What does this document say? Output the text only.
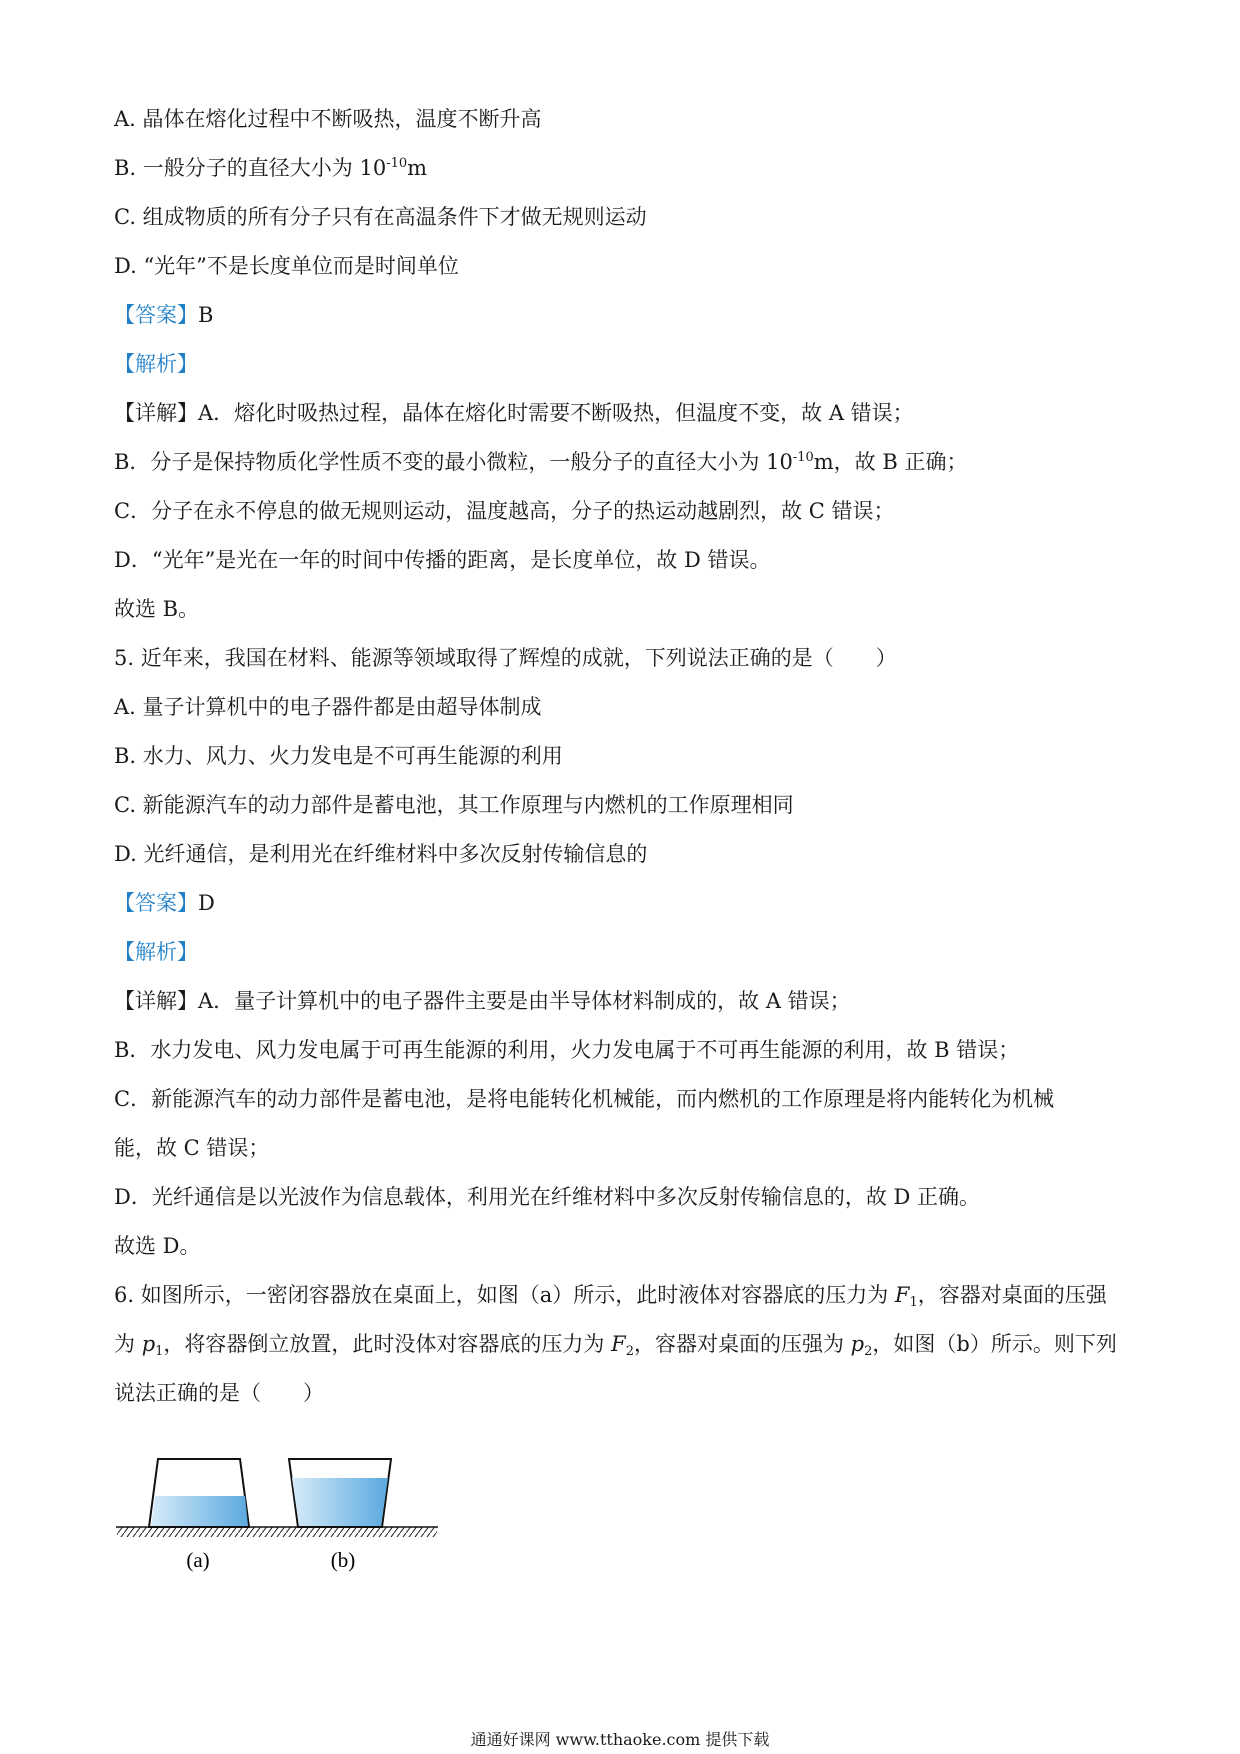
A. 晶体在熔化过程中不断吸热，温度不断升高
B. 一般分子的直径大小为 $10^{-10}m$
C. 组成物质的所有分子只有在高温条件下才做无规则运动
D. “光年”不是长度单位而是时间单位
【答案】B
【解析】
【详解】A．熔化时吸热过程，晶体在熔化时需要不断吸热，但温度不变，故 A 错误；
B．分子是保持物质化学性质不变的最小微粒，一般分子的直径大小为 $10^{-10}m$，故 B 正确；
C．分子在永不停息的做无规则运动，温度越高，分子的热运动越剧烈，故 C 错误；
D．“光年”是光在一年的时间中传播的距离，是长度单位，故 D 错误。
故选 B。
5. 近年来，我国在材料、能源等领域取得了辉煌的成就，下列说法正确的是（　　）
A. 量子计算机中的电子器件都是由超导体制成
B. 水力、风力、火力发电是不可再生能源的利用
C. 新能源汽车的动力部件是蓄电池，其工作原理与内燃机的工作原理相同
D. 光纤通信，是利用光在纤维材料中多次反射传输信息的
【答案】D
【解析】
【详解】A．量子计算机中的电子器件主要是由半导体材料制成的，故 A 错误；
B．水力发电、风力发电属于可再生能源的利用，火力发电属于不可再生能源的利用，故 B 错误；
C．新能源汽车的动力部件是蓄电池，是将电能转化机械能，而内燃机的工作原理是将内能转化为机械
能，故 C 错误；
D．光纤通信是以光波作为信息载体，利用光在纤维材料中多次反射传输信息的，故 D 正确。
故选 D。
6. 如图所示，一密闭容器放在桌面上，如图（a）所示，此时液体对容器底的压力为 $F_1$，容器对桌面的压强
为 $p_1$，将容器倒立放置，此时没体对容器底的压力为 $F_2$，容器对桌面的压强为 $p_2$，如图（b）所示。则下列
说法正确的是（　　）
(a)	(b)
通通好课网 www.tthaoke.com 提供下载
